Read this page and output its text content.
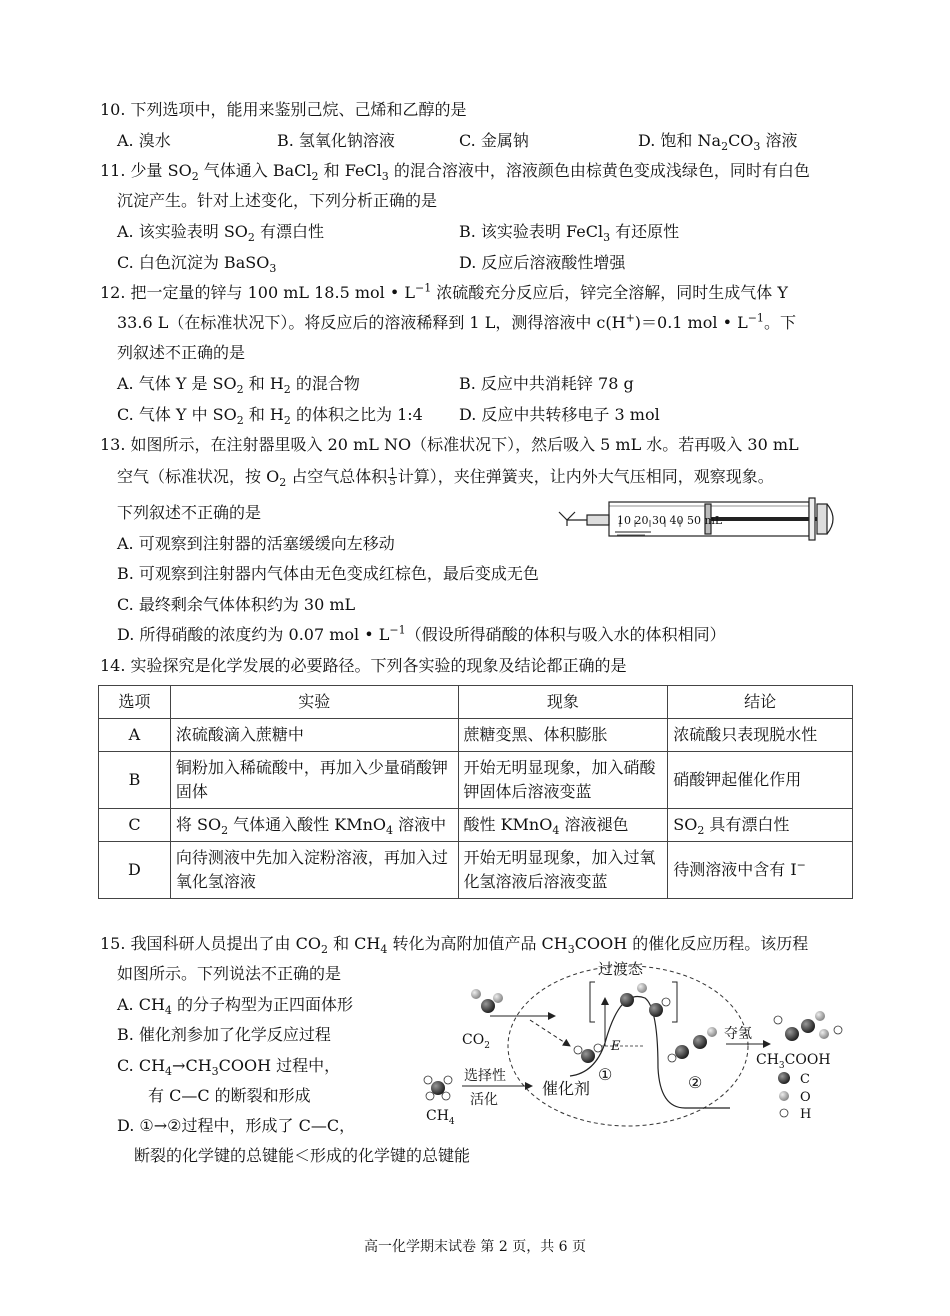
10. 下列选项中，能用来鉴别己烷、己烯和乙醇的是
A. 溴水	B. 氢氧化钠溶液	C. 金属钠	D. 饱和 $Na_2CO_3$ 溶液
11. 少量 $SO_2$ 气体通入 BaCl$_2$ 和 FeCl$_3$ 的混合溶液中，溶液颜色由棕黄色变成浅绿色，同时有白色
沉淀产生。针对上述变化，下列分析正确的是
A. 该实验表明 $SO_2$ 有漂白性	B. 该实验表明 FeCl$_3$ 有还原性
C. 白色沉淀为 BaSO$_3$	D. 反应后溶液酸性增强
12. 把一定量的锌与 100 mL 18.5 mol • $L^{-1}$ 浓硫酸充分反应后，锌完全溶解，同时生成气体 Y
33.6 L（在标准状况下）。将反应后的溶液稀释到 1 L，测得溶液中 c(H+)＝0.1 mol • $L^{-1}$。下
列叙述不正确的是
A. 气体 Y 是 $SO_2$ 和 $H_2$ 的混合物	B. 反应中共消耗锌 78 g
C. 气体 Y 中 $SO_2$ 和 $H_2$ 的体积之比为 1:4 D. 反应中共转移电子 3 mol
13. 如图所示，在注射器里吸入 20 mL NO（标准状况下），然后吸入 5 mL 水。若再吸入 30 mL
空气（标准状况，按 $O_2$ 占空气总体积 $\frac{1}{5}$ 计算），夹住弹簧夹，让内外大气压相同，观察现象。
下列叙述不正确的是
A. 可观察到注射器的活塞缓缓向左移动
B. 可观察到注射器内气体由无色变成红棕色，最后变成无色
C. 最终剩余气体体积约为 30 mL
D. 所得硝酸的浓度约为 0.07 mol • $L^{-1}$（假设所得硝酸的体积与吸入水的体积相同）
10 20 30 40 50 mL
14. 实验探究是化学发展的必要路径。下列各实验的现象及结论都正确的是
选项	实验	现象	结论
A	浓硫酸滴入蔗糖中	蔗糖变黑、体积膨胀	浓硫酸只表现脱水性
B	铜粉加入稀硫酸中，再加入少量硝酸钾固体	开始无明显现象，加入硝酸钾固体后溶液变蓝	硝酸钾起催化作用
C	将 $SO_2$ 气体通入酸性 KMnO$_4$ 溶液中	酸性 KMnO$_4$ 溶液褪色	$SO_2$ 具有漂白性
D	向待测液中先加入淀粉溶液，再加入过氧化氢溶液	开始无明显现象，加入过氧化氢溶液后溶液变蓝	待测溶液中含有 I−
15. 我国科研人员提出了由 $CO_2$ 和 $CH_4$ 转化为高附加值产品 $CH_3COOH$ 的催化反应历程。该历程
如图所示。下列说法不正确的是
A. $CH_4$ 的分子构型为正四面体形
B. 催化剂参加了化学反应过程
C. $CH_4\to CH_3COOH$ 过程中，
有 C—C 的断裂和形成
D. ①→②过程中，形成了 C—C，
断裂的化学键的总键能＜形成的化学键的总键能
E
过渡态
$CO_2$
①	②
催化剂
$CH_4$
选择性
活化
夺氢
$CH_3COOH$
C
O
H
高一化学期末试卷 第 2 页，共 6 页
